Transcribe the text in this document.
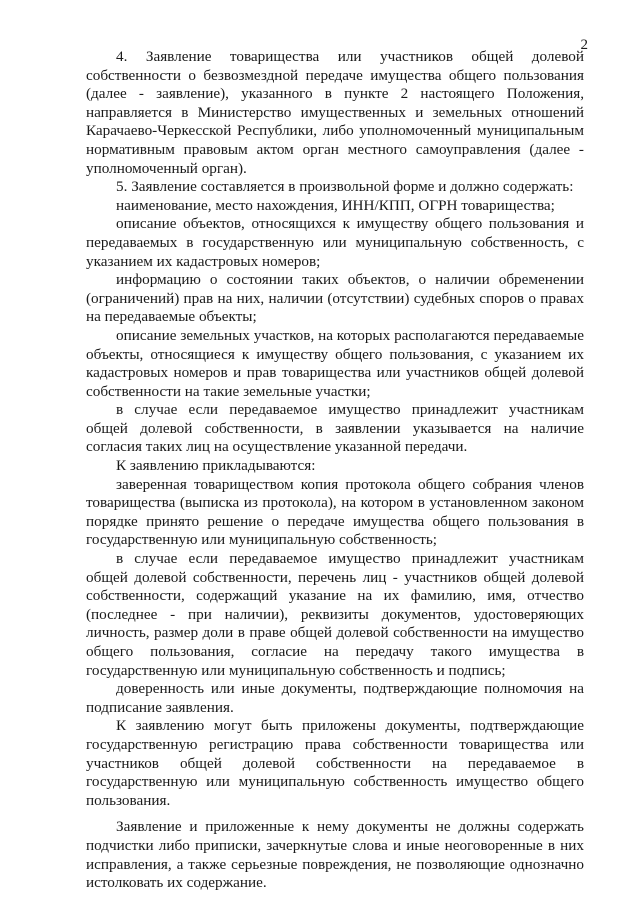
2

4. Заявление товарищества или участников общей долевой собственности о безвозмездной передаче имущества общего пользования (далее - заявление), указанного в пункте 2 настоящего Положения, направляется в Министерство имущественных и земельных отношений Карачаево-Черкесской Республики, либо уполномоченный муниципальным нормативным правовым актом орган местного самоуправления (далее - уполномоченный орган).

5. Заявление составляется в произвольной форме и должно содержать:

наименование, место нахождения, ИНН/КПП, ОГРН товарищества;

описание объектов, относящихся к имуществу общего пользования и передаваемых в государственную или муниципальную собственность, с указанием их кадастровых номеров;

информацию о состоянии таких объектов, о наличии обременении (ограничений) прав на них, наличии (отсутствии) судебных споров о правах на передаваемые объекты;

описание земельных участков, на которых располагаются передаваемые объекты, относящиеся к имуществу общего пользования, с указанием их кадастровых номеров и прав товарищества или участников общей долевой собственности на такие земельные участки;

в случае если передаваемое имущество принадлежит участникам общей долевой собственности, в заявлении указывается на наличие согласия таких лиц на осуществление указанной передачи.

К заявлению прикладываются:

заверенная товариществом копия протокола общего собрания членов товарищества (выписка из протокола), на котором в установленном законом порядке принято решение о передаче имущества общего пользования в государственную или муниципальную собственность;

в случае если передаваемое имущество принадлежит участникам общей долевой собственности, перечень лиц - участников общей долевой собственности, содержащий указание на их фамилию, имя, отчество (последнее - при наличии), реквизиты документов, удостоверяющих личность, размер доли в праве общей долевой собственности на имущество общего пользования, согласие на передачу такого имущества в государственную или муниципальную собственность и подпись;

доверенность или иные документы, подтверждающие полномочия на подписание заявления.

К заявлению могут быть приложены документы, подтверждающие государственную регистрацию права собственности товарищества или участников общей долевой собственности на передаваемое в государственную или муниципальную собственность имущество общего пользования.

Заявление и приложенные к нему документы не должны содержать подчистки либо приписки, зачеркнутые слова и иные неоговоренные в них исправления, а также серьезные повреждения, не позволяющие однозначно истолковать их содержание.
